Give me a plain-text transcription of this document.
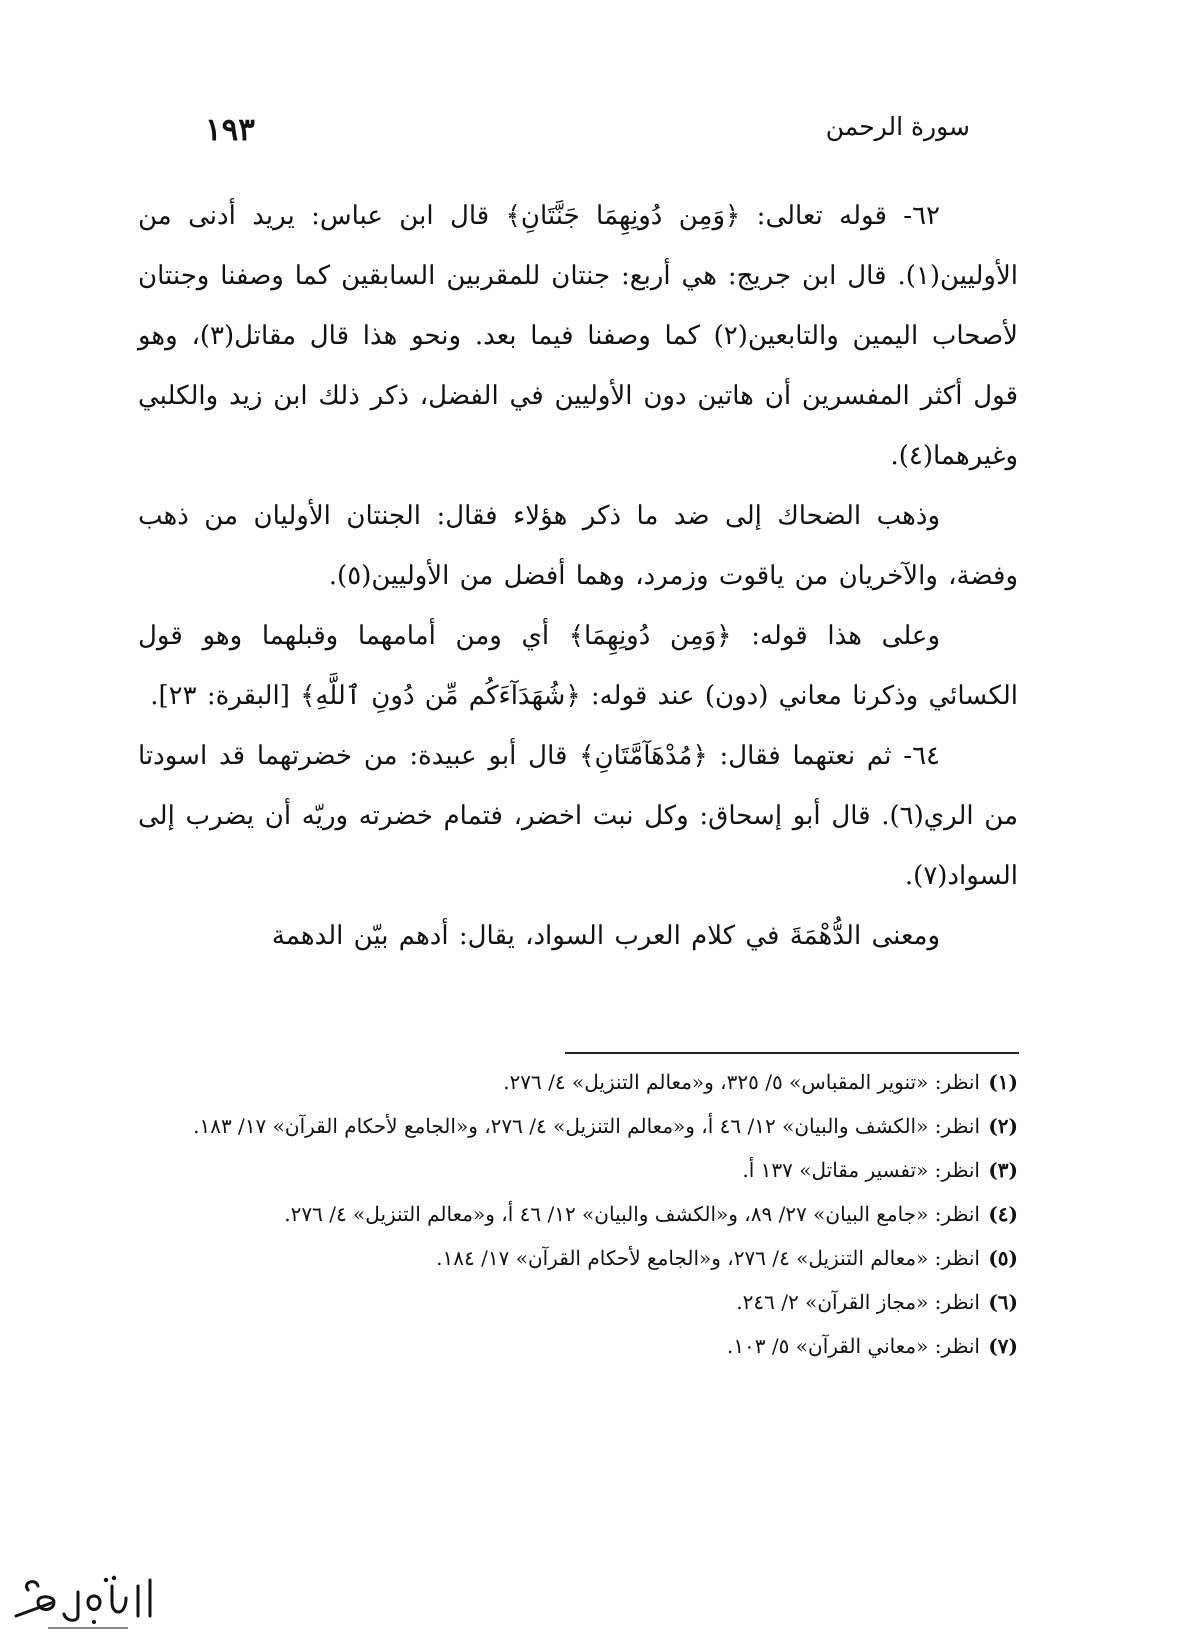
سورة الرحمن
١٩٣

٦٢- قوله تعالى: ﴿وَمِن دُونِهِمَا جَنَّتَانِ﴾ قال ابن عباس: يريد أدنى من الأوليين(١). قال ابن جريج: هي أربع: جنتان للمقربين السابقين كما وصفنا وجنتان لأصحاب اليمين والتابعين(٢) كما وصفنا فيما بعد. ونحو هذا قال مقاتل(٣)، وهو قول أكثر المفسرين أن هاتين دون الأوليين في الفضل، ذكر ذلك ابن زيد والكلبي وغيرهما(٤).

وذهب الضحاك إلى ضد ما ذكر هؤلاء فقال: الجنتان الأوليان من ذهب وفضة، والآخريان من ياقوت وزمرد، وهما أفضل من الأوليين(٥).

وعلى هذا قوله: ﴿وَمِن دُونِهِمَا﴾ أي ومن أمامهما وقبلهما وهو قول الكسائي وذكرنا معاني (دون) عند قوله: ﴿شُهَدَآءَكُم مِّن دُونِ ٱللَّهِ﴾ [البقرة: ٢٣].

٦٤- ثم نعتهما فقال: ﴿مُدْهَآمَّتَانِ﴾ قال أبو عبيدة: من خضرتهما قد اسودتا من الري(٦). قال أبو إسحاق: وكل نبت اخضر، فتمام خضرته وريّه أن يضرب إلى السواد(٧).

ومعنى الدُّهْمَةَ في كلام العرب السواد، يقال: أدهم بيّن الدهمة

(١)
انظر: «تنوير المقباس» ٥/ ٣٢٥، و«معالم التنزيل» ٤/ ٢٧٦.
(٢)
انظر: «الكشف والبيان» ١٢/ ٤٦ أ، و«معالم التنزيل» ٤/ ٢٧٦، و«الجامع لأحكام القرآن» ١٧/ ١٨٣.
(٣)
انظر: «تفسير مقاتل» ١٣٧ أ.
(٤)
انظر: «جامع البيان» ٢٧/ ٨٩، و«الكشف والبيان» ١٢/ ٤٦ أ، و«معالم التنزيل» ٤/ ٢٧٦.
(٥)
انظر: «معالم التنزيل» ٤/ ٢٧٦، و«الجامع لأحكام القرآن» ١٧/ ١٨٤.
(٦)
انظر: «مجاز القرآن» ٢/ ٢٤٦.
(٧)
انظر: «معاني القرآن» ٥/ ١٠٣.
